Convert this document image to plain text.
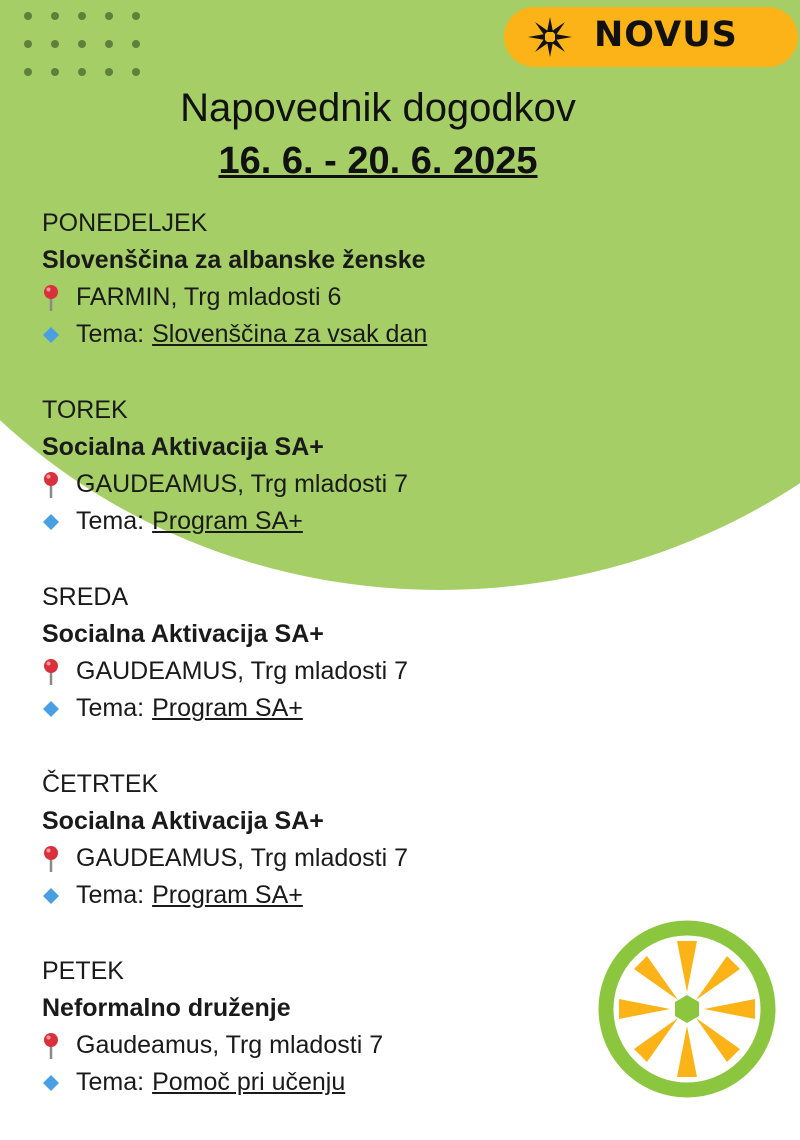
NOVUS
Napovednik dogodkov
16. 6. - 20. 6. 2025
PONEDELJEK
Slovenščina za albanske ženske
FARMIN, Trg mladosti 6
Tema: Slovenščina za vsak dan
TOREK
Socialna Aktivacija SA+
GAUDEAMUS, Trg mladosti 7
Tema: Program SA+
SREDA
Socialna Aktivacija SA+
GAUDEAMUS, Trg mladosti 7
Tema: Program SA+
ČETRTEK
Socialna Aktivacija SA+
GAUDEAMUS, Trg mladosti 7
Tema: Program SA+
PETEK
Neformalno druženje
Gaudeamus, Trg mladosti 7
Tema: Pomoč pri učenju
